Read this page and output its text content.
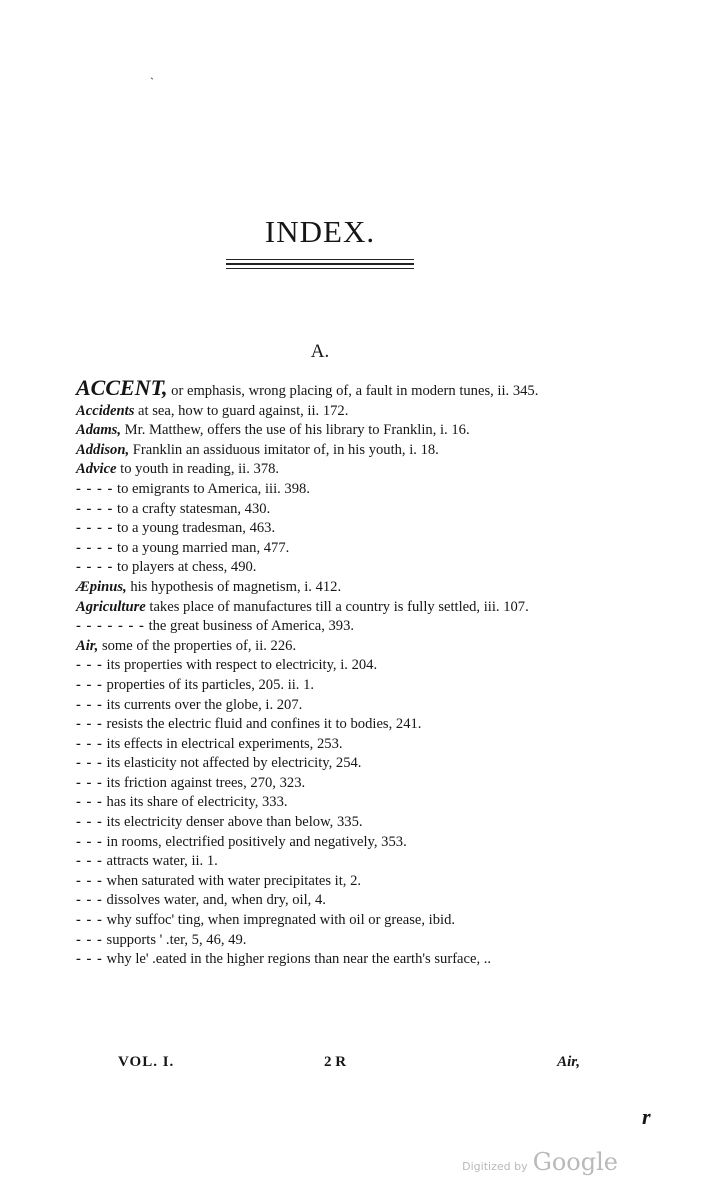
INDEX.
A.
ACCENT, or emphasis, wrong placing of, a fault in modern tunes, ii. 345.
Accidents at sea, how to guard against, ii. 172.
Adams, Mr. Matthew, offers the use of his library to Franklin, i. 16.
Addison, Franklin an assiduous imitator of, in his youth, i. 18.
Advice to youth in reading, ii. 378.
- - - - to emigrants to America, iii. 398.
- - - - to a crafty statesman, 430.
- - - - to a young tradesman, 463.
- - - - to a young married man, 477.
- - - - to players at chess, 490.
Æpinus, his hypothesis of magnetism, i. 412.
Agriculture takes place of manufactures till a country is fully settled, iii. 107.
- - - - - - - the great business of America, 393.
Air, some of the properties of, ii. 226.
- - - its properties with respect to electricity, i. 204.
- - - properties of its particles, 205. ii. 1.
- - - its currents over the globe, i. 207.
- - - resists the electric fluid and confines it to bodies, 241.
- - - its effects in electrical experiments, 253.
- - - its elasticity not affected by electricity, 254.
- - - its friction against trees, 270, 323.
- - - has its share of electricity, 333.
- - - its electricity denser above than below, 335.
- - - in rooms, electrified positively and negatively, 353.
- - - attracts water, ii. 1.
- - - when saturated with water precipitates it, 2.
- - - dissolves water, and, when dry, oil, 4.
- - - why suffoc' ting, when impregnated with oil or grease, ibid.
- - - supports ' .ter, 5, 46, 49.
- - - why le' .eated in the higher regions than near the earth's surface, ..
VOL. I.	2 R	Air,
ˏ
r
Digitized by Google
